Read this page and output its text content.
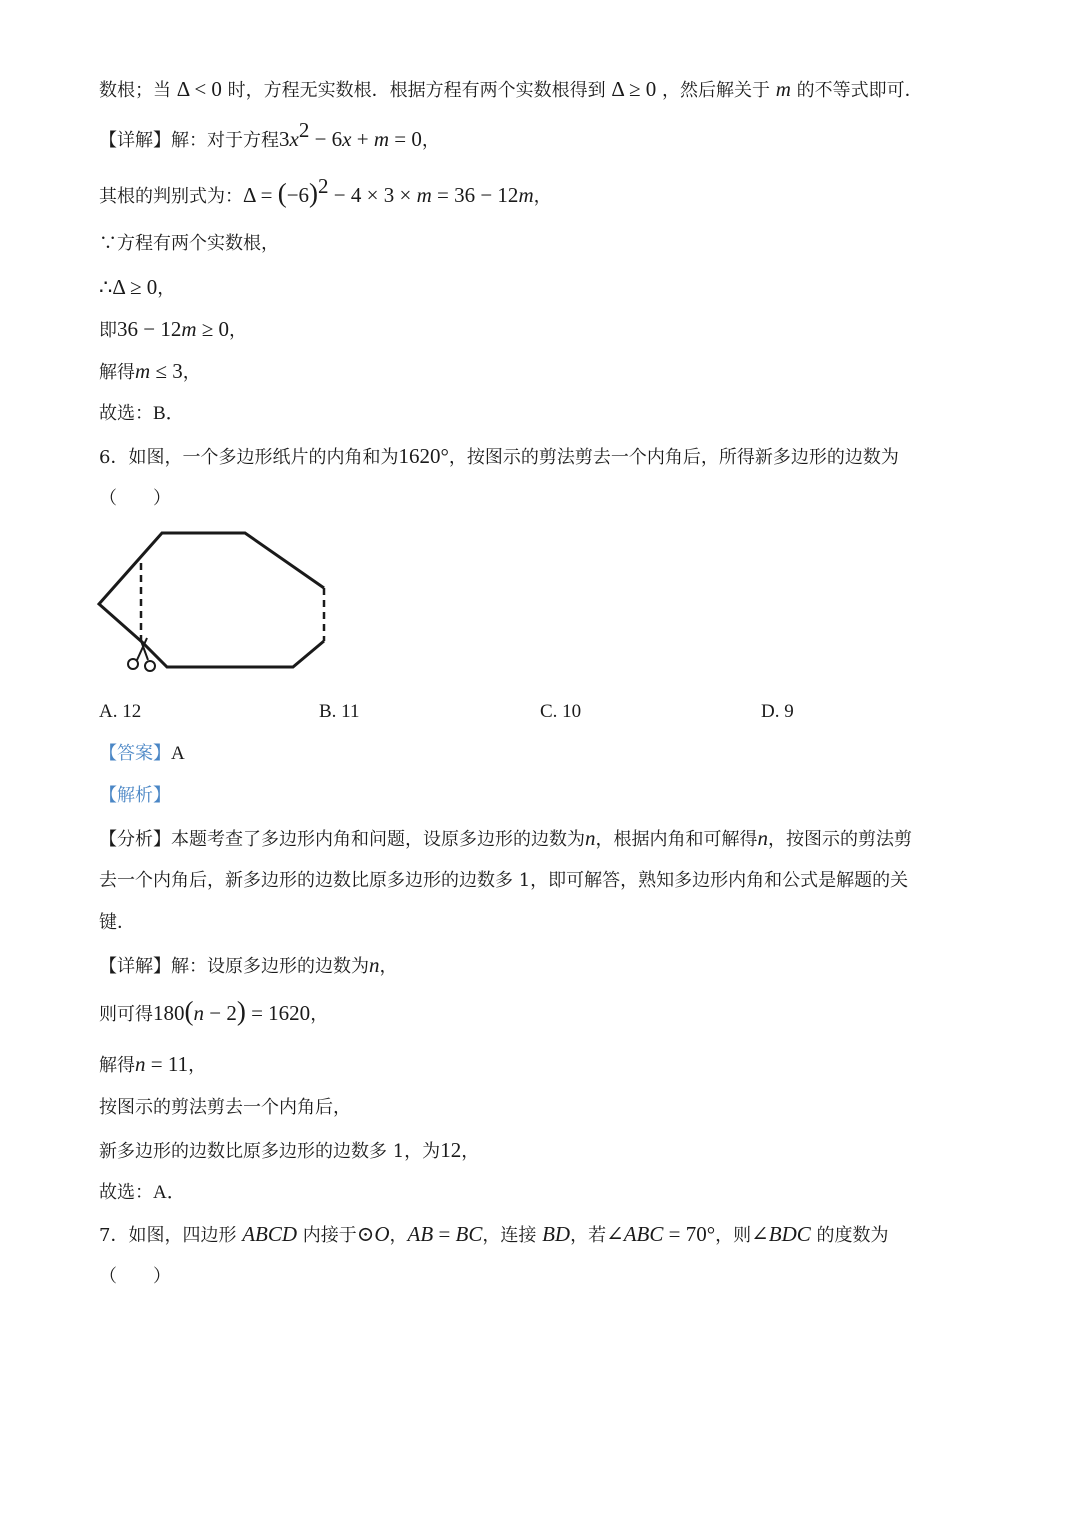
数根；当 Δ < 0 时，方程无实数根．根据方程有两个实数根得到 Δ ≥ 0 ，然后解关于 m 的不等式即可．
【详解】解：对于方程$3x^2 - 6x + m = 0$，
其根的判别式为：$\Delta = (-6)^2 - 4 \times 3 \times m = 36 - 12m$，
∵方程有两个实数根，
∴Δ ≥ 0，
即36 − 12m ≥ 0，
解得m ≤ 3，
故选：B．
6．如图，一个多边形纸片的内角和为1620°，按图示的剪法剪去一个内角后，所得新多边形的边数为
（　　）
A. 12	B. 11	C. 10	D. 9
【答案】A
【解析】
【分析】本题考查了多边形内角和问题，设原多边形的边数为n，根据内角和可解得n，按图示的剪法剪
去一个内角后，新多边形的边数比原多边形的边数多 1，即可解答，熟知多边形内角和公式是解题的关
键．
【详解】解：设原多边形的边数为n，
则可得180(n − 2) = 1620，
解得n = 11，
按图示的剪法剪去一个内角后，
新多边形的边数比原多边形的边数多 1，为12，
故选：A．
7．如图，四边形 ABCD 内接于⊙O，AB = BC，连接 BD，若∠ABC = 70°，则∠BDC 的度数为
（　　）
